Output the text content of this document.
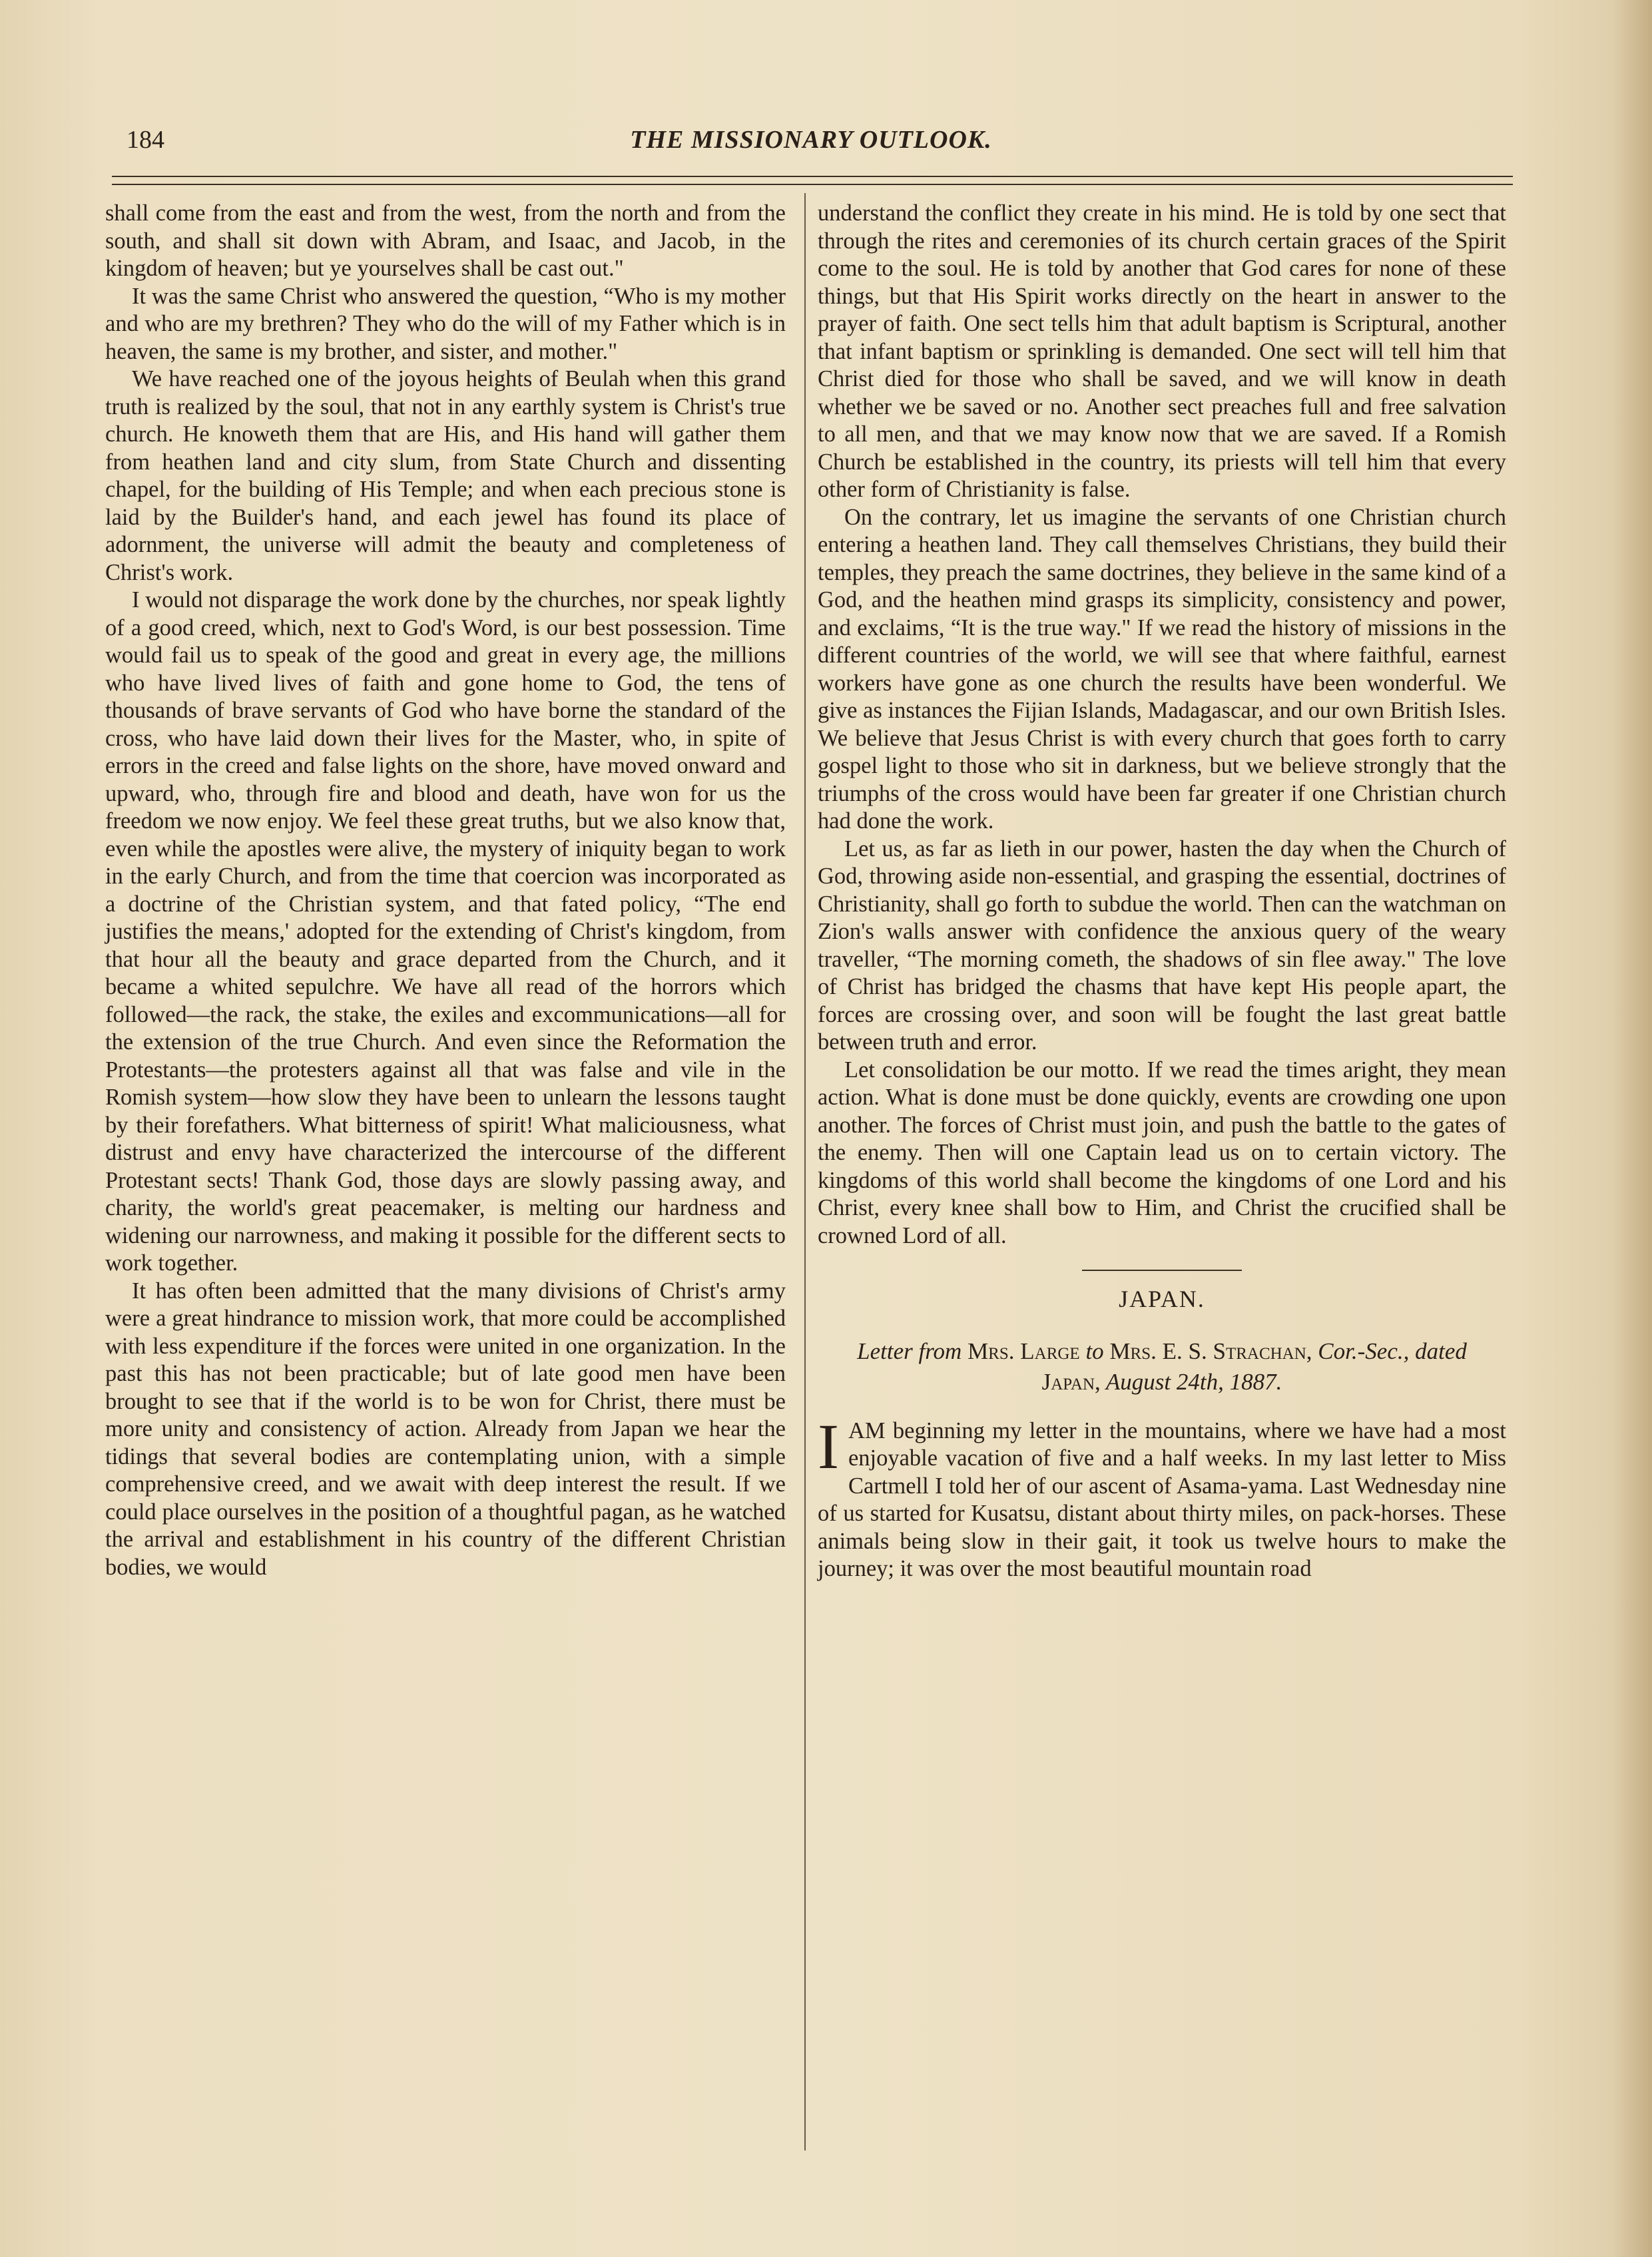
184	THE MISSIONARY OUTLOOK.

shall come from the east and from the west, from the north and from the south, and shall sit down with Abram, and Isaac, and Jacob, in the kingdom of heaven; but ye yourselves shall be cast out."

It was the same Christ who answered the question, “Who is my mother and who are my brethren? They who do the will of my Father which is in heaven, the same is my brother, and sister, and mother."

We have reached one of the joyous heights of Beulah when this grand truth is realized by the soul, that not in any earthly system is Christ's true church. He knoweth them that are His, and His hand will gather them from heathen land and city slum, from State Church and dissenting chapel, for the building of His Temple; and when each precious stone is laid by the Builder's hand, and each jewel has found its place of adornment, the universe will admit the beauty and completeness of Christ's work.

I would not disparage the work done by the churches, nor speak lightly of a good creed, which, next to God's Word, is our best possession. Time would fail us to speak of the good and great in every age, the millions who have lived lives of faith and gone home to God, the tens of thousands of brave servants of God who have borne the standard of the cross, who have laid down their lives for the Master, who, in spite of errors in the creed and false lights on the shore, have moved onward and upward, who, through fire and blood and death, have won for us the freedom we now enjoy. We feel these great truths, but we also know that, even while the apostles were alive, the mystery of iniquity began to work in the early Church, and from the time that coercion was incorporated as a doctrine of the Christian system, and that fated policy, “The end justifies the means,' adopted for the extending of Christ's kingdom, from that hour all the beauty and grace departed from the Church, and it became a whited sepulchre. We have all read of the horrors which followed—the rack, the stake, the exiles and excommunications—all for the extension of the true Church. And even since the Reformation the Protestants—the protesters against all that was false and vile in the Romish system—how slow they have been to unlearn the lessons taught by their forefathers. What bitterness of spirit! What maliciousness, what distrust and envy have characterized the intercourse of the different Protestant sects! Thank God, those days are slowly passing away, and charity, the world's great peacemaker, is melting our hardness and widening our narrowness, and making it possible for the different sects to work together.

It has often been admitted that the many divisions of Christ's army were a great hindrance to mission work, that more could be accomplished with less expenditure if the forces were united in one organization. In the past this has not been practicable; but of late good men have been brought to see that if the world is to be won for Christ, there must be more unity and consistency of action. Already from Japan we hear the tidings that several bodies are contemplating union, with a simple comprehensive creed, and we await with deep interest the result. If we could place ourselves in the position of a thoughtful pagan, as he watched the arrival and establishment in his country of the different Christian bodies, we would

understand the conflict they create in his mind. He is told by one sect that through the rites and ceremonies of its church certain graces of the Spirit come to the soul. He is told by another that God cares for none of these things, but that His Spirit works directly on the heart in answer to the prayer of faith. One sect tells him that adult baptism is Scriptural, another that infant baptism or sprinkling is demanded. One sect will tell him that Christ died for those who shall be saved, and we will know in death whether we be saved or no. Another sect preaches full and free salvation to all men, and that we may know now that we are saved. If a Romish Church be established in the country, its priests will tell him that every other form of Christianity is false.

On the contrary, let us imagine the servants of one Christian church entering a heathen land. They call themselves Christians, they build their temples, they preach the same doctrines, they believe in the same kind of a God, and the heathen mind grasps its simplicity, consistency and power, and exclaims, “It is the true way." If we read the history of missions in the different countries of the world, we will see that where faithful, earnest workers have gone as one church the results have been wonderful. We give as instances the Fijian Islands, Madagascar, and our own British Isles. We believe that Jesus Christ is with every church that goes forth to carry gospel light to those who sit in darkness, but we believe strongly that the triumphs of the cross would have been far greater if one Christian church had done the work.

Let us, as far as lieth in our power, hasten the day when the Church of God, throwing aside non-essential, and grasping the essential, doctrines of Christianity, shall go forth to subdue the world. Then can the watchman on Zion's walls answer with confidence the anxious query of the weary traveller, “The morning cometh, the shadows of sin flee away." The love of Christ has bridged the chasms that have kept His people apart, the forces are crossing over, and soon will be fought the last great battle between truth and error.

Let consolidation be our motto. If we read the times aright, they mean action. What is done must be done quickly, events are crowding one upon another. The forces of Christ must join, and push the battle to the gates of the enemy. Then will one Captain lead us on to certain victory. The kingdoms of this world shall become the kingdoms of one Lord and his Christ, every knee shall bow to Him, and Christ the crucified shall be crowned Lord of all.

JAPAN.
Letter from Mrs. Large to Mrs. E. S. Strachan, Cor.-Sec., dated Japan, August 24th, 1887.

IAM beginning my letter in the mountains, where we have had a most enjoyable vacation of five and a half weeks. In my last letter to Miss Cartmell I told her of our ascent of Asama-yama. Last Wednesday nine of us started for Kusatsu, distant about thirty miles, on pack-horses. These animals being slow in their gait, it took us twelve hours to make the journey; it was over the most beautiful mountain road
